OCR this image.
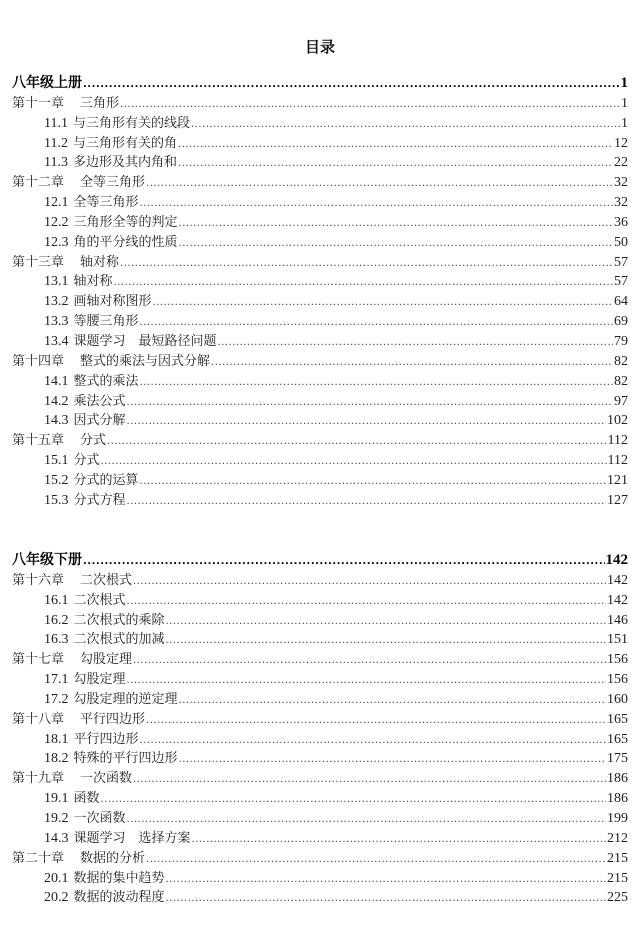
目录
八年级上册 .....	1
第十一章 三角形 .....	1
11.1 与三角形有关的线段 .....	1
11.2 与三角形有关的角 .....	12
11.3 多边形及其内角和 .....	22
第十二章 全等三角形 .....	32
12.1 全等三角形 .....	32
12.2 三角形全等的判定 .....	36
12.3 角的平分线的性质 .....	50
第十三章 轴对称 .....	57
13.1 轴对称 .....	57
13.2 画轴对称图形 .....	64
13.3 等腰三角形 .....	69
13.4 课题学习　最短路径问题 .....	79
第十四章 整式的乘法与因式分解 .....	82
14.1 整式的乘法 .....	82
14.2 乘法公式 .....	97
14.3 因式分解 .....	102
第十五章 分式 .....	112
15.1 分式 .....	112
15.2 分式的运算 .....	121
15.3 分式方程 .....	127
八年级下册 .....	142
第十六章 二次根式 .....	142
16.1 二次根式 .....	142
16.2 二次根式的乘除 .....	146
16.3 二次根式的加减 .....	151
第十七章 勾股定理 .....	156
17.1 勾股定理 .....	156
17.2 勾股定理的逆定理 .....	160
第十八章 平行四边形 .....	165
18.1 平行四边形 .....	165
18.2 特殊的平行四边形 .....	175
第十九章 一次函数 .....	186
19.1 函数 .....	186
19.2 一次函数 .....	199
14.3 课题学习　选择方案 .....	212
第二十章 数据的分析 .....	215
20.1 数据的集中趋势 .....	215
20.2 数据的波动程度 .....	225
